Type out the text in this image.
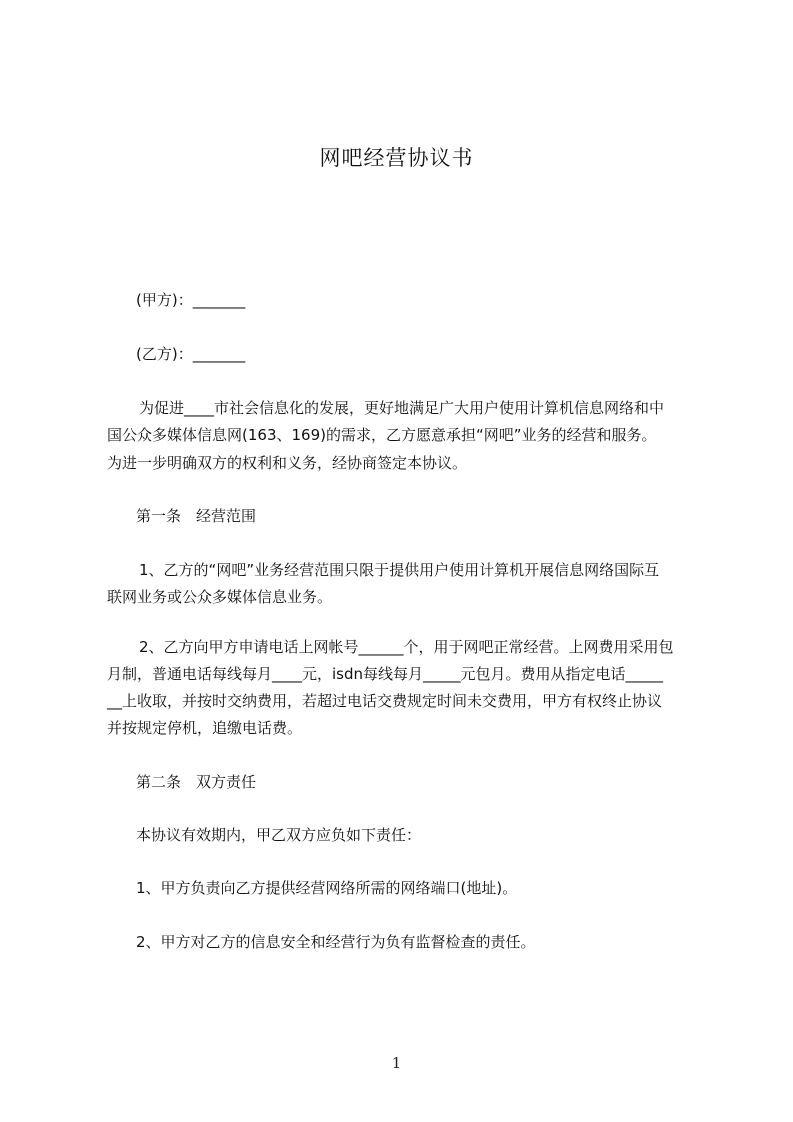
网吧经营协议书
(甲方)：_______
(乙方)：_______
为促进____市社会信息化的发展，更好地满足广大用户使用计算机信息网络和中
国公众多媒体信息网(163、169)的需求，乙方愿意承担“网吧”业务的经营和服务。
为进一步明确双方的权利和义务，经协商签定本协议。
第一条　经营范围
1、乙方的“网吧”业务经营范围只限于提供用户使用计算机开展信息网络国际互
联网业务或公众多媒体信息业务。
2、乙方向甲方申请电话上网帐号______个，用于网吧正常经营。上网费用采用包
月制，普通电话每线每月____元，isdn每线每月_____元包月。费用从指定电话_____
__上收取，并按时交纳费用，若超过电话交费规定时间未交费用，甲方有权终止协议
并按规定停机，追缴电话费。
第二条　双方责任
本协议有效期内，甲乙双方应负如下责任：
1、甲方负责向乙方提供经营网络所需的网络端口(地址)。
2、甲方对乙方的信息安全和经营行为负有监督检查的责任。
1
